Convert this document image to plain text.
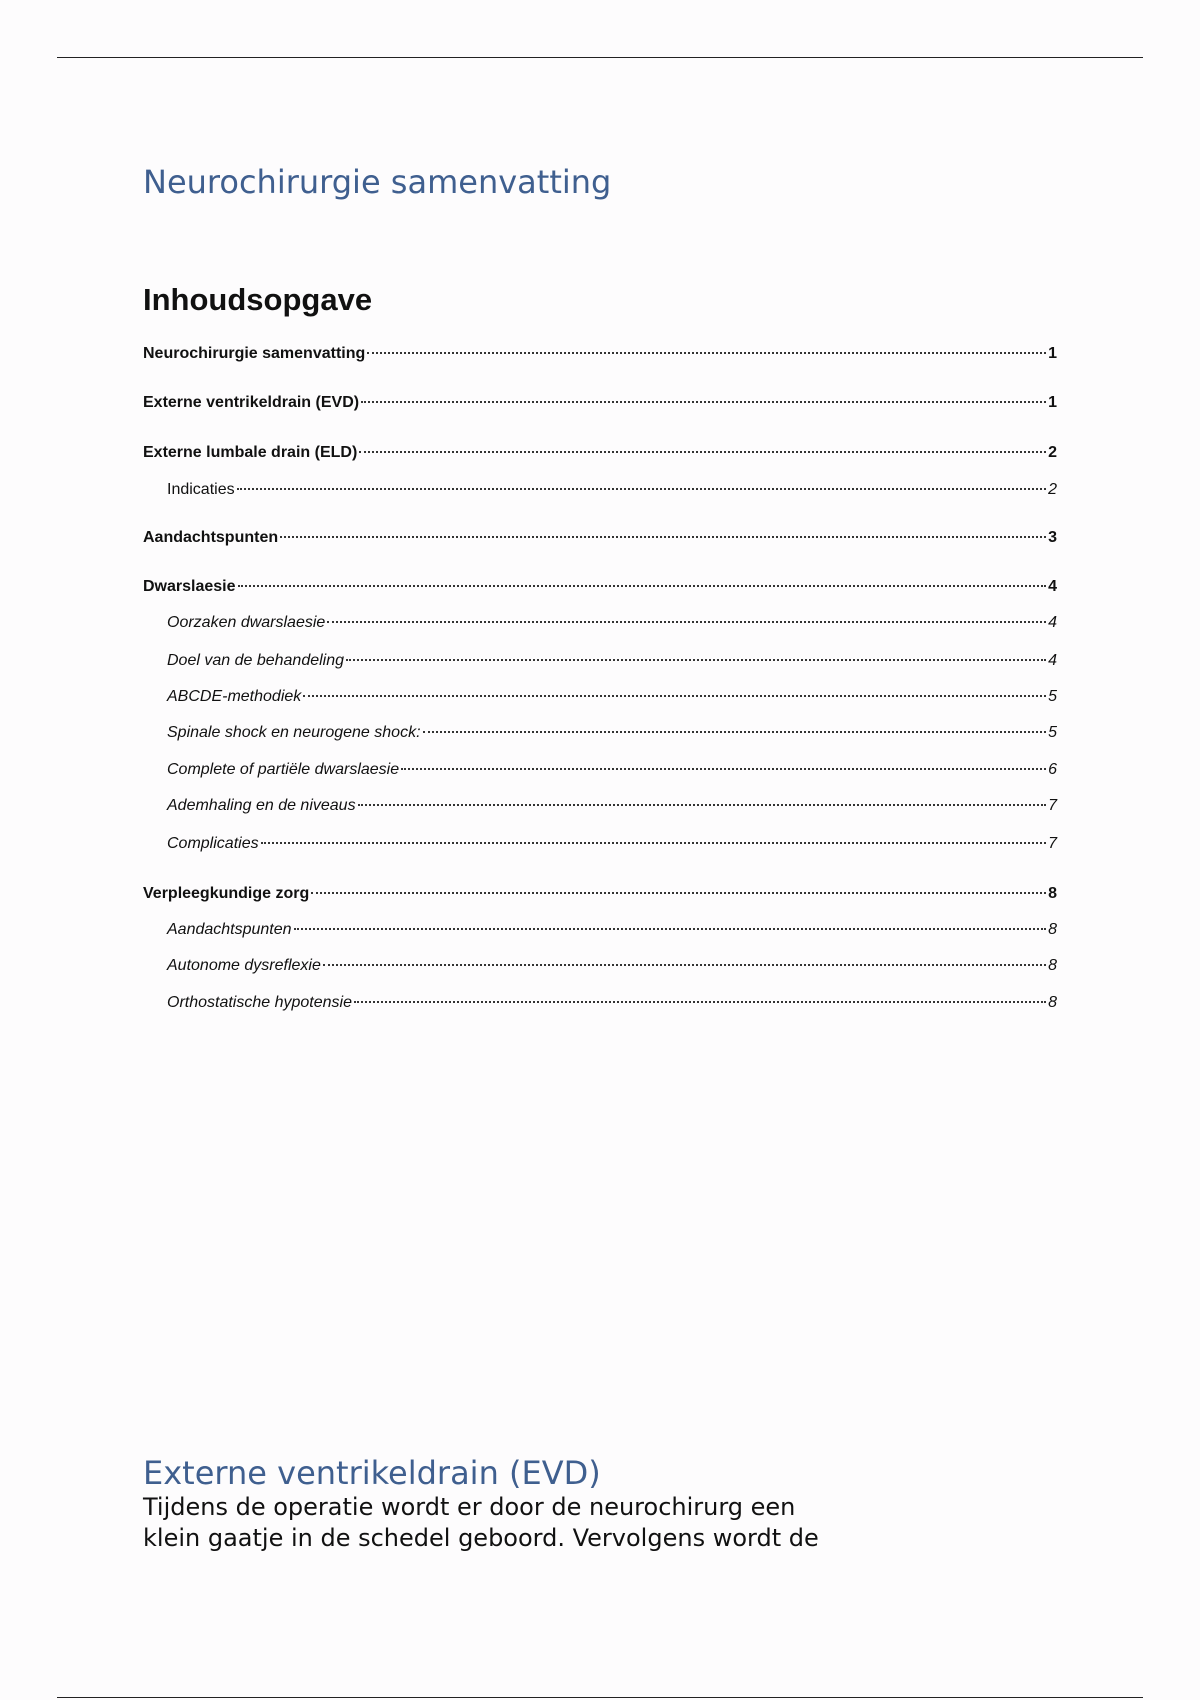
Neurochirurgie samenvatting
Inhoudsopgave
Neurochirurgie samenvatting	1
Externe ventrikeldrain (EVD)	1
Externe lumbale drain (ELD)	2
Indicaties	2
Aandachtspunten	3
Dwarslaesie	4
Oorzaken dwarslaesie	4
Doel van de behandeling	4
ABCDE-methodiek	5
Spinale shock en neurogene shock:	5
Complete of partiële dwarslaesie	6
Ademhaling en de niveaus	7
Complicaties	7
Verpleegkundige zorg	8
Aandachtspunten	8
Autonome dysreflexie	8
Orthostatische hypotensie	8
Externe ventrikeldrain (EVD)
Tijdens de operatie wordt er door de neurochirurg een
klein gaatje in de schedel geboord. Vervolgens wordt de
